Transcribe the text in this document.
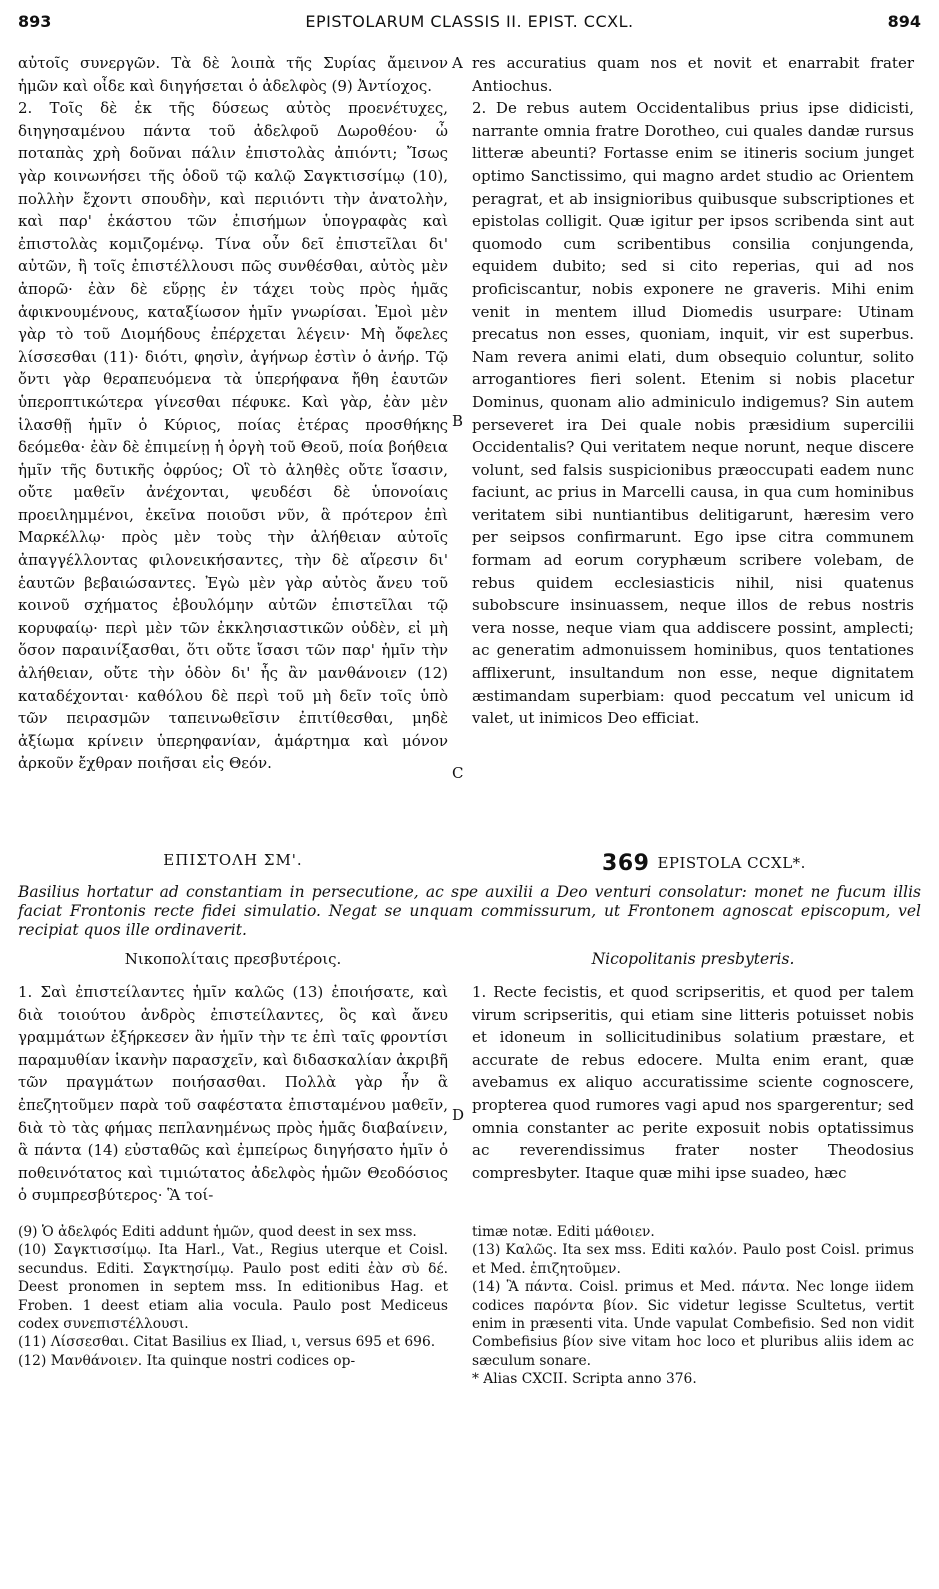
893	EPISTOLARUM CLASSIS II. EPIST. CCXL.	894

αὐτοῖς συνεργῶν. Τὰ δὲ λοιπὰ τῆς Συρίας ἄμεινον ἡμῶν καὶ οἶδε καὶ διηγήσεται ὁ ἀδελφὸς (9) Ἀντίοχος.

2. Τοῖς δὲ ἐκ τῆς δύσεως αὐτὸς προενέτυχες, διηγησαμένου πάντα τοῦ ἀδελφοῦ Δωροθέου· ὦ ποταπὰς χρὴ δοῦναι πάλιν ἐπιστολὰς ἀπιόντι; Ἴσως γὰρ κοινωνήσει τῆς ὁδοῦ τῷ καλῷ Σαγκτισσίμῳ (10), πολλὴν ἔχοντι σπουδὴν, καὶ περιιόντι τὴν ἀνατολὴν, καὶ παρ' ἑκάστου τῶν ἐπισήμων ὑπογραφὰς καὶ ἐπιστολὰς κομιζομένῳ. Τίνα οὖν δεῖ ἐπιστεῖλαι δι' αὐτῶν, ἢ τοῖς ἐπιστέλλουσι πῶς συνθέσθαι, αὐτὸς μὲν ἀπορῶ· ἐὰν δὲ εὕρῃς ἐν τάχει τοὺς πρὸς ἡμᾶς ἀφικνουμένους, καταξίωσον ἡμῖν γνωρίσαι. Ἐμοὶ μὲν γὰρ τὸ τοῦ Διομήδους ἐπέρχεται λέγειν· Μὴ ὄφελες λίσσεσθαι (11)· διότι, φησὶν, ἀγήνωρ ἐστὶν ὁ ἀνήρ. Τῷ ὄντι γὰρ θεραπευόμενα τὰ ὑπερήφανα ἤθη ἑαυτῶν ὑπεροπτικώτερα γίνεσθαι πέφυκε. Καὶ γὰρ, ἐὰν μὲν ἱλασθῇ ἡμῖν ὁ Κύριος, ποίας ἑτέρας προσθήκης δεόμεθα· ἐὰν δὲ ἐπιμείνῃ ἡ ὀργὴ τοῦ Θεοῦ, ποία βοήθεια ἡμῖν τῆς δυτικῆς ὀφρύος; Οἳ τὸ ἀληθὲς οὔτε ἴσασιν, οὔτε μαθεῖν ἀνέχονται, ψευδέσι δὲ ὑπονοίαις προειλημμένοι, ἐκεῖνα ποιοῦσι νῦν, ἃ πρότερον ἐπὶ Μαρκέλλῳ· πρὸς μὲν τοὺς τὴν ἀλήθειαν αὐτοῖς ἀπαγγέλλοντας φιλονεικήσαντες, τὴν δὲ αἵρεσιν δι' ἑαυτῶν βεβαιώσαντες. Ἐγὼ μὲν γὰρ αὐτὸς ἄνευ τοῦ κοινοῦ σχήματος ἐβουλόμην αὐτῶν ἐπιστεῖλαι τῷ κορυφαίῳ· περὶ μὲν τῶν ἐκκλησιαστικῶν οὐδὲν, εἰ μὴ ὅσον παραινίξασθαι, ὅτι οὔτε ἴσασι τῶν παρ' ἡμῖν τὴν ἀλήθειαν, οὔτε τὴν ὁδὸν δι' ἧς ἂν μανθάνοιεν (12) καταδέχονται· καθόλου δὲ περὶ τοῦ μὴ δεῖν τοῖς ὑπὸ τῶν πειρασμῶν ταπεινωθεῖσιν ἐπιτίθεσθαι, μηδὲ ἀξίωμα κρίνειν ὑπερηφανίαν, ἁμάρτημα καὶ μόνον ἀρκοῦν ἔχθραν ποιῆσαι εἰς Θεόν.

res accuratius quam nos et novit et enarrabit frater Antiochus.

2. De rebus autem Occidentalibus prius ipse didicisti, narrante omnia fratre Dorotheo, cui quales dandæ rursus litteræ abeunti? Fortasse enim se itineris socium junget optimo Sanctissimo, qui magno ardet studio ac Orientem peragrat, et ab insignioribus quibusque subscriptiones et epistolas colligit. Quæ igitur per ipsos scribenda sint aut quomodo cum scribentibus consilia conjungenda, equidem dubito; sed si cito reperias, qui ad nos proficiscantur, nobis exponere ne graveris. Mihi enim venit in mentem illud Diomedis usurpare: Utinam precatus non esses, quoniam, inquit, vir est superbus. Nam revera animi elati, dum obsequio coluntur, solito arrogantiores fieri solent. Etenim si nobis placetur Dominus, quonam alio adminiculo indigemus? Sin autem perseveret ira Dei quale nobis præsidium supercilii Occidentalis? Qui veritatem neque norunt, neque discere volunt, sed falsis suspicionibus præoccupati eadem nunc faciunt, ac prius in Marcelli causa, in qua cum hominibus veritatem sibi nuntiantibus delitigarunt, hæresim vero per seipsos confirmarunt. Ego ipse citra communem formam ad eorum coryphæum scribere volebam, de rebus quidem ecclesiasticis nihil, nisi quatenus subobscure insinuassem, neque illos de rebus nostris vera nosse, neque viam qua addiscere possint, amplecti; ac generatim admonuissem hominibus, quos tentationes afflixerunt, insultandum non esse, neque dignitatem æstimandam superbiam: quod peccatum vel unicum id valet, ut inimicos Deo efficiat.

A
B
C
D
ΕΠΙΣΤΟΛΗ ΣΜ'.	369 EPISTOLA CCXL*.
Basilius hortatur ad constantiam in persecutione, ac spe auxilii a Deo venturi consolatur: monet ne fucum illis faciat Frontonis recte fidei simulatio. Negat se unquam commissurum, ut Frontonem agnoscat episcopum, vel recipiat quos ille ordinaverit.
Νικοπολίταις πρεσβυτέροις.	Nicopolitanis presbyteris.

1. Σαὶ ἐπιστείλαντες ἡμῖν καλῶς (13) ἐποιήσατε, καὶ διὰ τοιούτου ἀνδρὸς ἐπιστείλαντες, ὃς καὶ ἄνευ γραμμάτων ἐξήρκεσεν ἂν ἡμῖν τὴν τε ἐπὶ ταῖς φροντίσι παραμυθίαν ἱκανὴν παρασχεῖν, καὶ διδασκαλίαν ἀκριβῆ τῶν πραγμάτων ποιήσασθαι. Πολλὰ γὰρ ἦν ἃ ἐπεζητοῦμεν παρὰ τοῦ σαφέστατα ἐπισταμένου μαθεῖν, διὰ τὸ τὰς φήμας πεπλανημένως πρὸς ἡμᾶς διαβαίνειν, ἃ πάντα (14) εὐσταθῶς καὶ ἐμπείρως διηγήσατο ἡμῖν ὁ ποθεινότατος καὶ τιμιώτατος ἀδελφὸς ἡμῶν Θεοδόσιος ὁ συμπρεσβύτερος· Ἃ τοί-

1. Recte fecistis, et quod scripseritis, et quod per talem virum scripseritis, qui etiam sine litteris potuisset nobis et idoneum in sollicitudinibus solatium præstare, et accurate de rebus edocere. Multa enim erant, quæ avebamus ex aliquo accuratissime sciente cognoscere, propterea quod rumores vagi apud nos spargerentur; sed omnia constanter ac perite exposuit nobis optatissimus ac reverendissimus frater noster Theodosius compresbyter. Itaque quæ mihi ipse suadeo, hæc

(9) Ὁ ἀδελφός Editi addunt ἡμῶν, quod deest in sex mss.

(10) Σαγκτισσίμῳ. Ita Harl., Vat., Regius uterque et Coisl. secundus. Editi. Σαγκτησίμῳ. Paulo post editi ἐὰν σὺ δέ. Deest pronomen in septem mss. In editionibus Hag. et Froben. 1 deest etiam alia vocula. Paulo post Mediceus codex συνεπιστέλλουσι.

(11) Λίσσεσθαι. Citat Basilius ex Iliad, ι, versus 695 et 696.

(12) Μανθάνοιεν. Ita quinque nostri codices op-

timæ notæ. Editi μάθοιεν.

(13) Καλῶς. Ita sex mss. Editi καλόν. Paulo post Coisl. primus et Med. ἐπιζητοῦμεν.

(14) Ἃ πάντα. Coisl. primus et Med. πάντα. Nec longe iidem codices παρόντα βίον. Sic videtur legisse Scultetus, vertit enim in præsenti vita. Unde vapulat Combefisio. Sed non vidit Combefisius βίον sive vitam hoc loco et pluribus aliis idem ac sæculum sonare.

* Alias CXCII. Scripta anno 376.
